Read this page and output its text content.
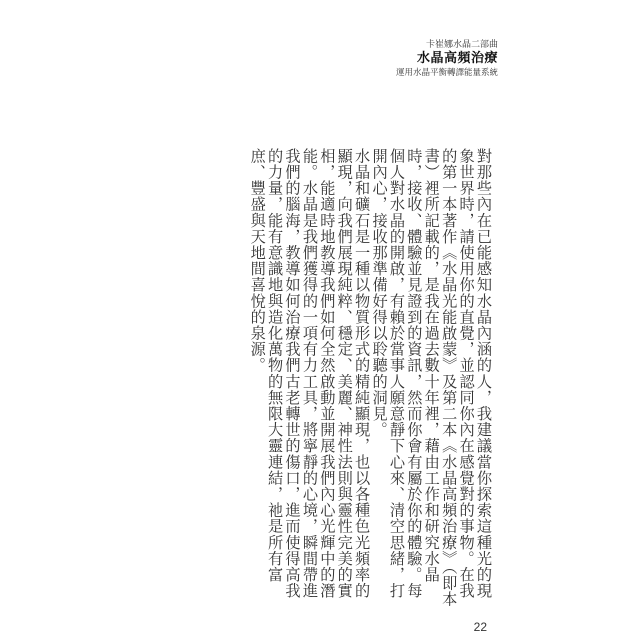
卡崔娜水晶二部曲
水晶高頻治療
運用水晶平衡轉譯能量系統

對那些內在已能感知水晶內涵的人，我建議當你探索這種光的現象世界時，請使用你的直覺，並認同你內在感覺對的事物。在我的第一本著作《水晶光能啟蒙》及第二本《水晶高頻治療》（即本書）裡所記載的，是我在過去數十年裡，藉由工作和研究水晶時，接收、體驗並見證到的資訊，然而你會有屬於你的體驗。每個人對水晶的開啟，有賴於當事人願意靜下心來、清空思緒，打開內心，接收那準備好得以聆聽的洞見。

水晶和礦石是一種以物質形式的精純顯現，也以各種色光頻率的顯現，向我們展現純粹、穩定、美麗、神性法則與靈性完美的實相，能適時地教導我們如何全然啟動並開展我們內心光輝中的潛能。水晶是我們獲得的一項有力工具，將寧靜的心境，瞬間帶進我們的腦海，教導如何治療我們古老轉世的傷口，進而使得高我的力量，能有意識地與造化萬物的無限大靈連結，祂是所有富庶、豐盛與天地間喜悅的泉源。

22
